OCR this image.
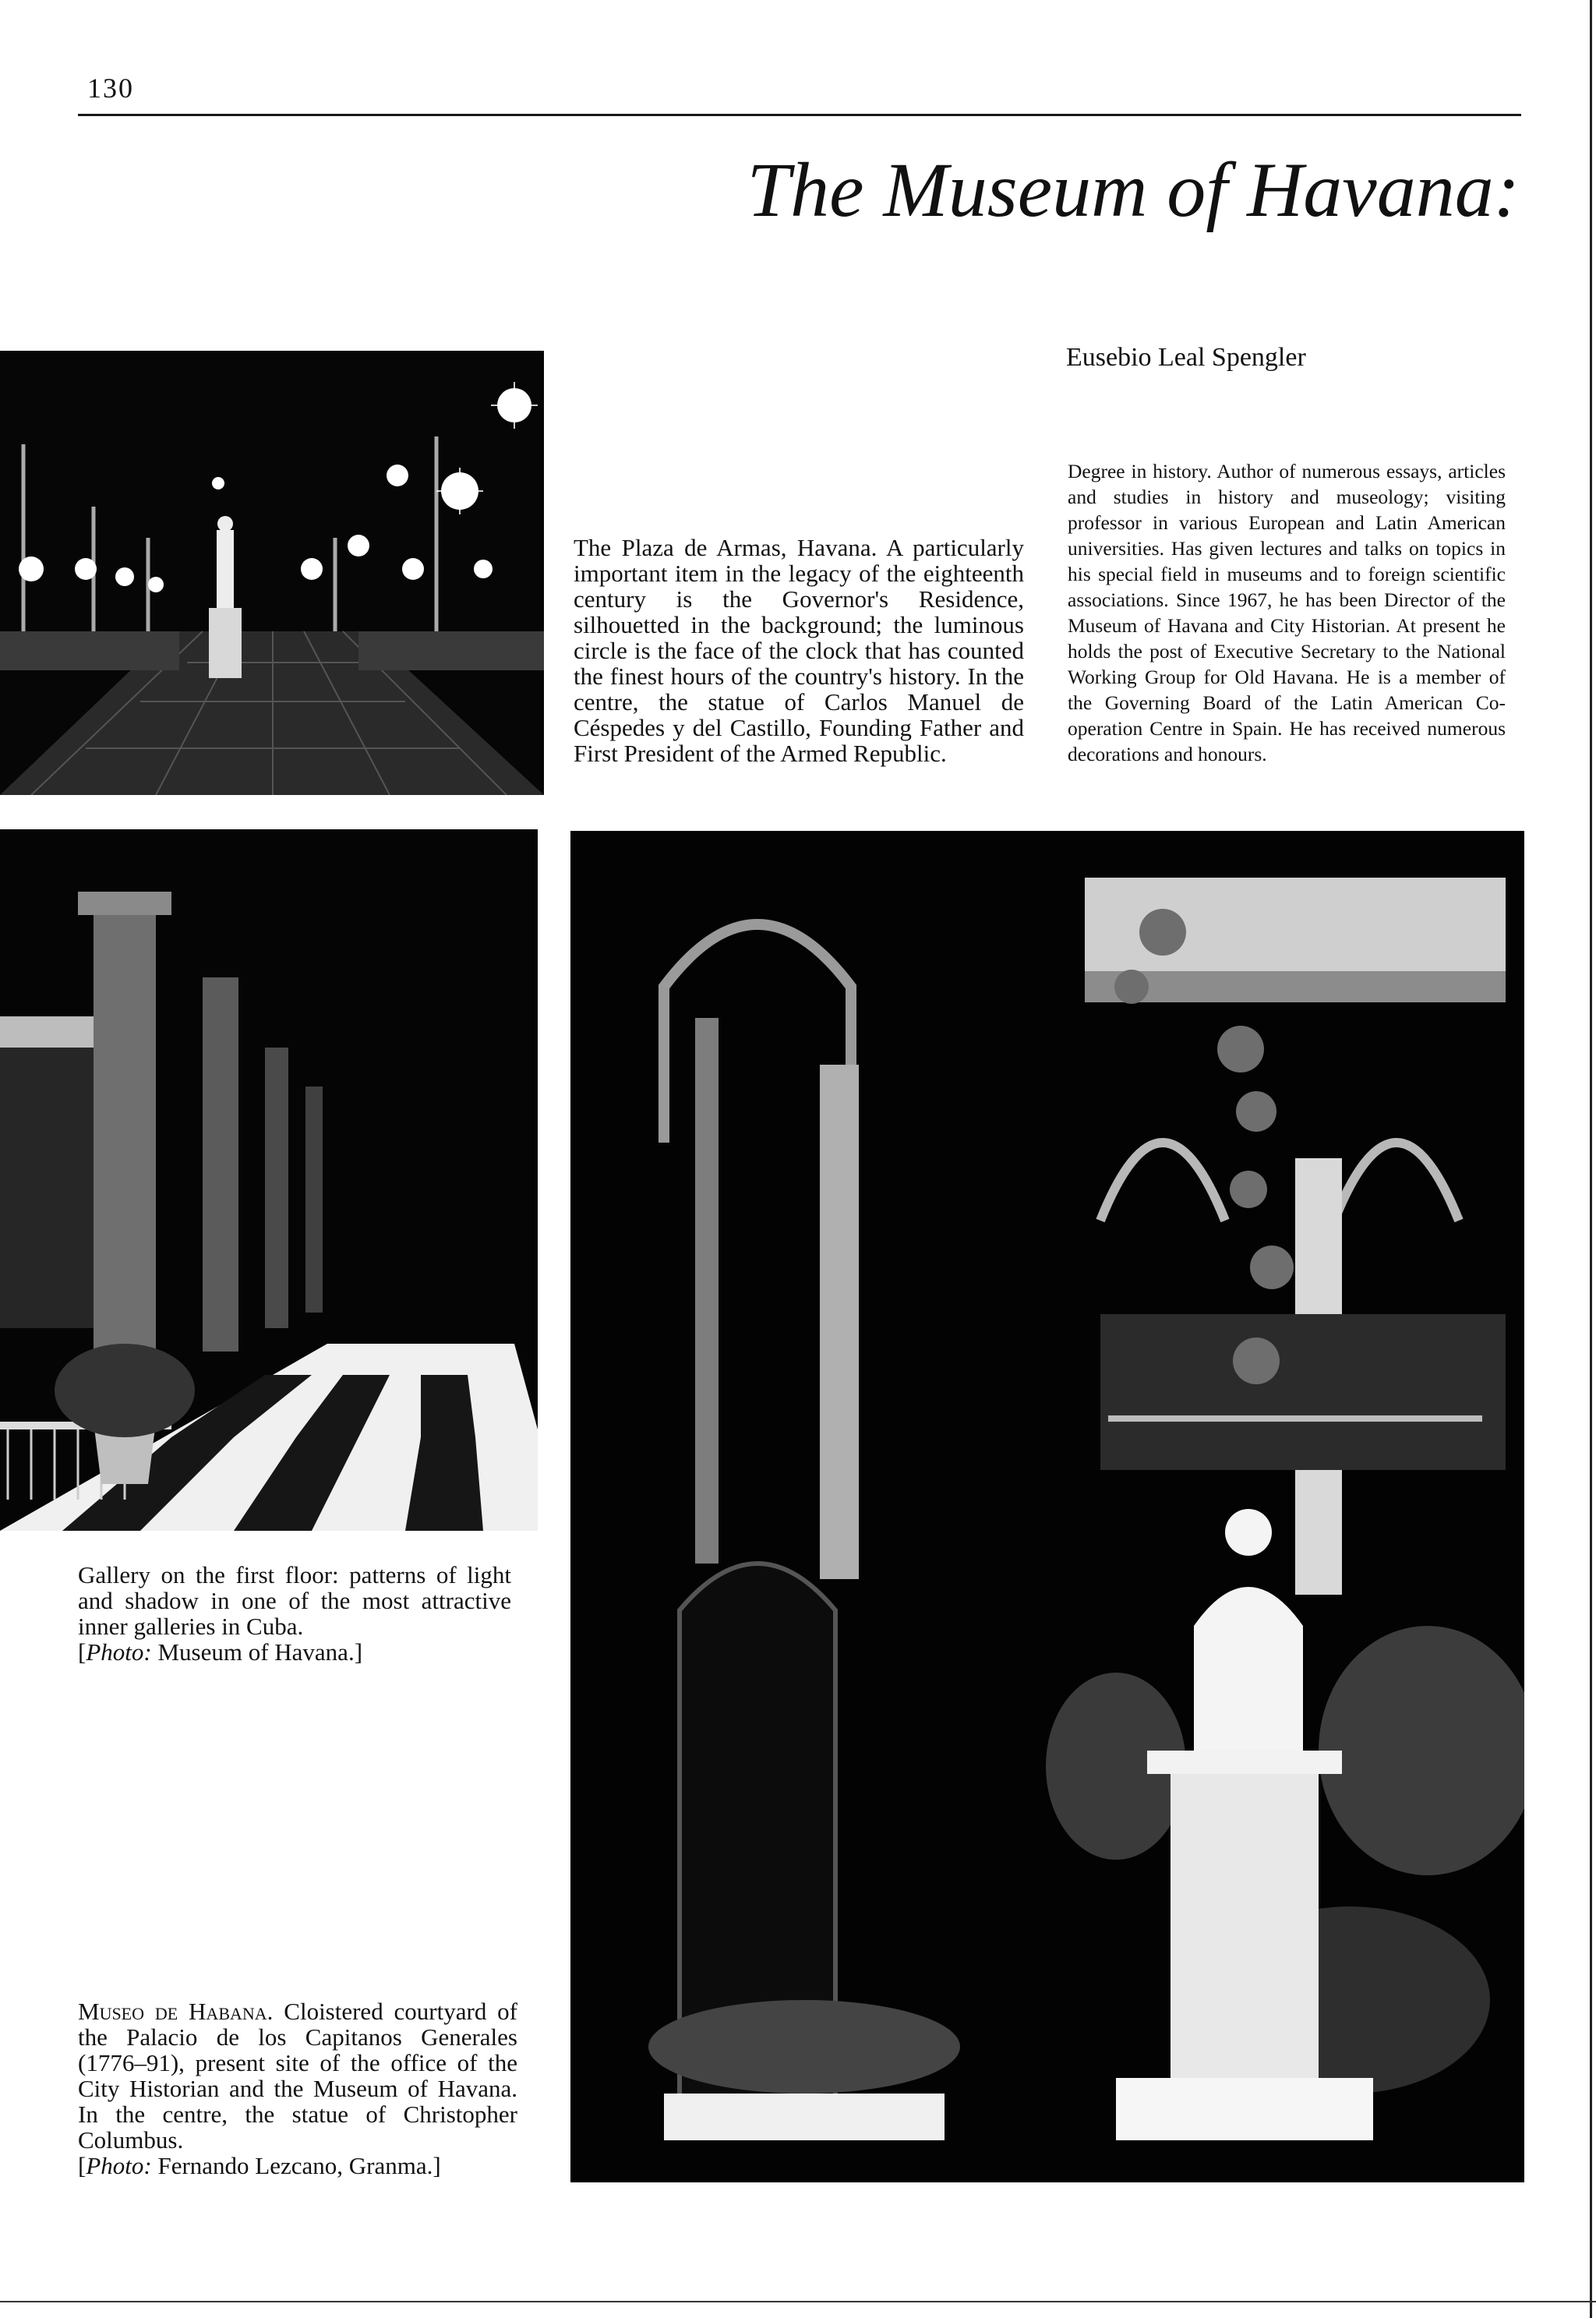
130
The Museum of Havana:
Eusebio Leal Spengler
The Plaza de Armas, Havana. A particularly important item in the legacy of the eighteenth century is the Governor's Residence, silhouetted in the background; the luminous circle is the face of the clock that has counted the finest hours of the country's history. In the centre, the statue of Carlos Manuel de Céspedes y del Castillo, Founding Father and First President of the Armed Republic.
Degree in history. Author of numerous essays, articles and studies in history and museology; visiting professor in various European and Latin American universities. Has given lectures and talks on topics in his special field in museums and to foreign scientific associations. Since 1967, he has been Director of the Museum of Havana and City Historian. At present he holds the post of Executive Secretary to the National Working Group for Old Havana. He is a member of the Governing Board of the Latin American Co-operation Centre in Spain. He has received numerous decorations and honours.
Gallery on the first floor: patterns of light and shadow in one of the most attractive inner galleries in Cuba.
[Photo: Museum of Havana.]
Museo de Habana. Cloistered courtyard of the Palacio de los Capitanos Generales (1776–91), present site of the office of the City Historian and the Museum of Havana. In the centre, the statue of Christopher Columbus.
[Photo: Fernando Lezcano, Granma.]
